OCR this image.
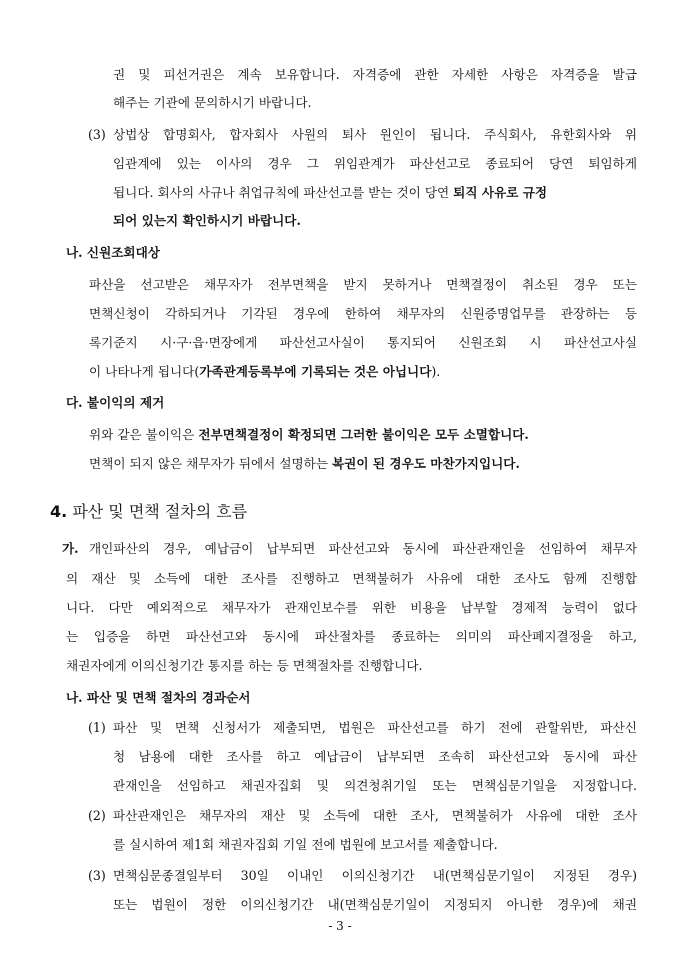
권 및 피선거권은 계속 보유합니다. 자격증에 관한 자세한 사항은 자격증을 발급
해주는 기관에 문의하시기 바랍니다.
(3) 상법상 합명회사, 합자회사 사원의 퇴사 원인이 됩니다. 주식회사, 유한회사와 위
임관계에 있는 이사의 경우 그 위임관계가 파산선고로 종료되어 당연 퇴임하게
됩니다. 회사의 사규나 취업규칙에 파산선고를 받는 것이 당연 퇴직 사유로 규정
되어 있는지 확인하시기 바랍니다.
나. 신원조회대상
파산을 선고받은 채무자가 전부면책을 받지 못하거나 면책결정이 취소된 경우 또는
면책신청이 각하되거나 기각된 경우에 한하여 채무자의 신원증명업무를 관장하는 등
록기준지 시·구·읍·면장에게 파산선고사실이 통지되어 신원조회 시 파산선고사실
이 나타나게 됩니다(가족관계등록부에 기록되는 것은 아닙니다).
다. 불이익의 제거
위와 같은 불이익은 전부면책결정이 확정되면 그러한 불이익은 모두 소멸합니다.
면책이 되지 않은 채무자가 뒤에서 설명하는 복권이 된 경우도 마찬가지입니다.
4. 파산 및 면책 절차의 흐름
가. 개인파산의 경우, 예납금이 납부되면 파산선고와 동시에 파산관재인을 선임하여 채무자
의 재산 및 소득에 대한 조사를 진행하고 면책불허가 사유에 대한 조사도 함께 진행합
니다. 다만 예외적으로 채무자가 관재인보수를 위한 비용을 납부할 경제적 능력이 없다
는 입증을 하면 파산선고와 동시에 파산절차를 종료하는 의미의 파산폐지결정을 하고,
채권자에게 이의신청기간 통지를 하는 등 면책절차를 진행합니다.
나. 파산 및 면책 절차의 경과순서
(1) 파산 및 면책 신청서가 제출되면, 법원은 파산선고를 하기 전에 관할위반, 파산신
청 남용에 대한 조사를 하고 예납금이 납부되면 조속히 파산선고와 동시에 파산
관재인을 선임하고 채권자집회 및 의견청취기일 또는 면책심문기일을 지정합니다.
(2) 파산관재인은 채무자의 재산 및 소득에 대한 조사, 면책불허가 사유에 대한 조사
를 실시하여 제1회 채권자집회 기일 전에 법원에 보고서를 제출합니다.
(3) 면책심문종결일부터 30일 이내인 이의신청기간 내(면책심문기일이 지정된 경우)
또는 법원이 정한 이의신청기간 내(면책심문기일이 지정되지 아니한 경우)에 채권
- 3 -
